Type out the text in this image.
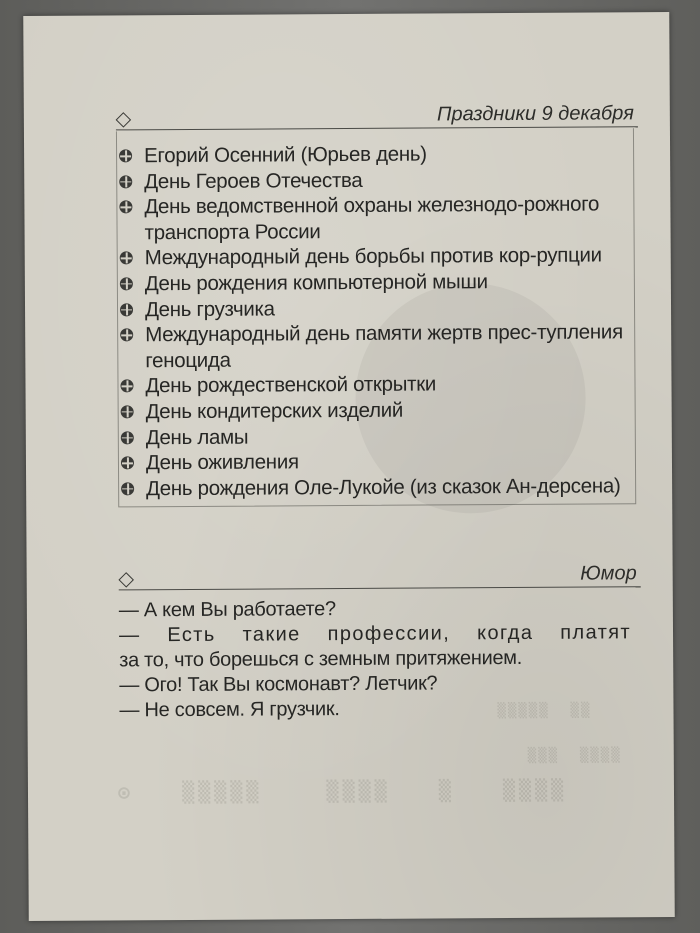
⊙   ▒▒▒▒▒    ▒▒▒▒   ▒   ▒▒▒▒
▒▒▒▒▒  ▒▒
▒▒▒  ▒▒▒▒
Праздники 9 декабря
Егорий Осенний (Юрьев день)
День Героев Отечества
День ведомственной охраны железнодо-рожного транспорта России
Международный день борьбы против кор-рупции
День рождения компьютерной мыши
День грузчика
Международный день памяти жертв прес-тупления геноцида
День рождественской открытки
День кондитерских изделий
День ламы
День оживления
День рождения Оле-Лукойе (из сказок Ан-дерсена)
Юмор

— А кем Вы работаете?

— Есть такие профессии, когда платят

за то, что борешься с земным притяжением.

— Ого! Так Вы космонавт? Летчик?

— Не совсем. Я грузчик.
